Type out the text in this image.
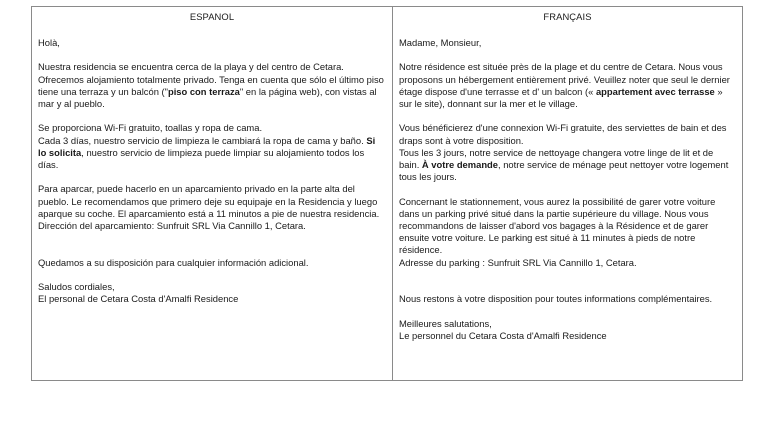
ESPANOL
Holà,
Nuestra residencia se encuentra cerca de la playa y del centro de Cetara. Ofrecemos alojamiento totalmente privado. Tenga en cuenta que sólo el último piso tiene una terraza y un balcón ("piso con terraza" en la página web), con vistas al mar y al pueblo.
Se proporciona Wi-Fi gratuito, toallas y ropa de cama.
Cada 3 días, nuestro servicio de limpieza le cambiará la ropa de cama y baño. Si lo solicita, nuestro servicio de limpieza puede limpiar su alojamiento todos los días.
Para aparcar, puede hacerlo en un aparcamiento privado en la parte alta del pueblo. Le recomendamos que primero deje su equipaje en la Residencia y luego aparque su coche. El aparcamiento está a 11 minutos a pie de nuestra residencia.
Dirección del aparcamiento: Sunfruit SRL Via Cannillo 1, Cetara.
Quedamos a su disposición para cualquier información adicional.
Saludos cordiales,
El personal de Cetara Costa d'Amalfi Residence
FRANÇAIS
Madame, Monsieur,
Notre résidence est située près de la plage et du centre de Cetara. Nous vous proposons un hébergement entièrement privé. Veuillez noter que seul le dernier étage dispose d'une terrasse et d' un balcon (« appartement avec terrasse » sur le site), donnant sur la mer et le village.
Vous bénéficierez d'une connexion Wi-Fi gratuite, des serviettes de bain et des draps sont à votre disposition.
Tous les 3 jours, notre service de nettoyage changera votre linge de lit et de bain. À votre demande, notre service de ménage peut nettoyer votre logement tous les jours.
Concernant le stationnement, vous aurez la possibilité de garer votre voiture dans un parking privé situé dans la partie supérieure du village. Nous vous recommandons de laisser d'abord vos bagages à la Résidence et de garer ensuite votre voiture. Le parking est situé à 11 minutes à pieds de notre résidence.
Adresse du parking : Sunfruit SRL Via Cannillo 1, Cetara.
Nous restons à votre disposition pour toutes informations complémentaires.
Meilleures salutations,
Le personnel du Cetara Costa d'Amalfi Residence
